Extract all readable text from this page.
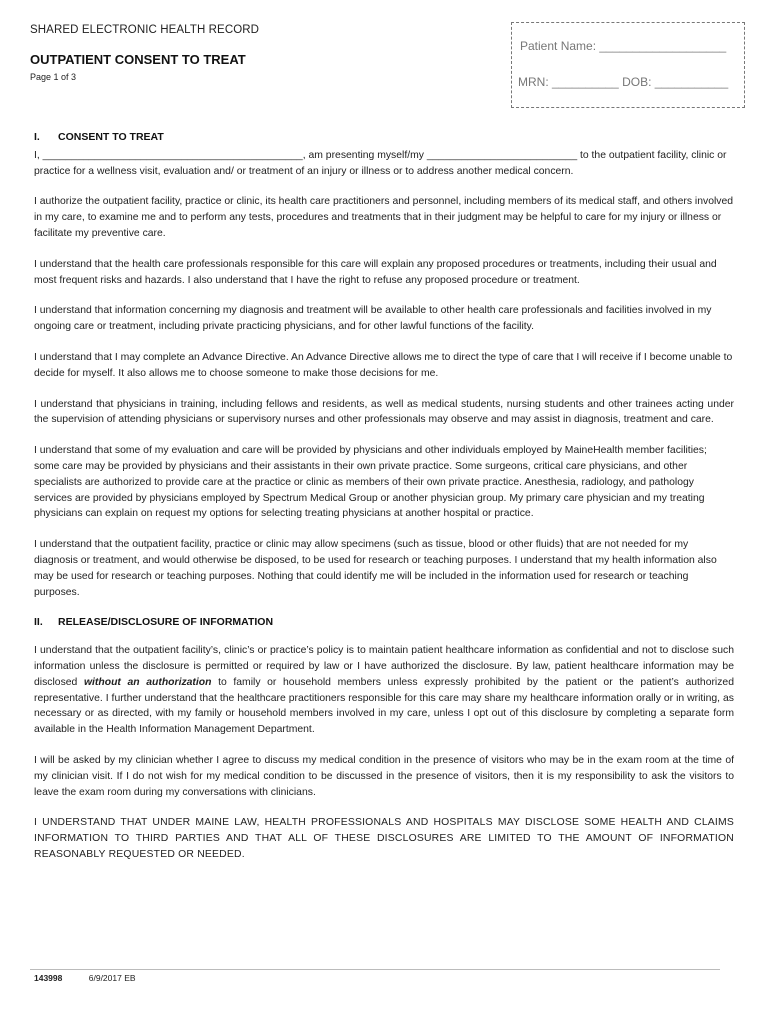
SHARED ELECTRONIC HEALTH RECORD
OUTPATIENT CONSENT TO TREAT
Page 1 of 3
Patient Name: ___________________
MRN: __________ DOB: ___________
I. CONSENT TO TREAT

I, _____________________________________________, am presenting myself/my __________________________ to the outpatient facility, clinic or practice for a wellness visit, evaluation and/ or treatment of an injury or illness or to address another medical concern.

I authorize the outpatient facility, practice or clinic, its health care practitioners and personnel, including members of its medical staff, and others involved in my care, to examine me and to perform any tests, procedures and treatments that in their judgment may be helpful to care for my injury or illness or facilitate my preventive care.

I understand that the health care professionals responsible for this care will explain any proposed procedures or treatments, including their usual and most frequent risks and hazards. I also understand that I have the right to refuse any proposed procedure or treatment.

I understand that information concerning my diagnosis and treatment will be available to other health care professionals and facilities involved in my ongoing care or treatment, including private practicing physicians, and for other lawful functions of the facility.

I understand that I may complete an Advance Directive. An Advance Directive allows me to direct the type of care that I will receive if I become unable to decide for myself. It also allows me to choose someone to make those decisions for me.

I understand that physicians in training, including fellows and residents, as well as medical students, nursing students and other trainees acting under the supervision of attending physicians or supervisory nurses and other professionals may observe and may assist in diagnosis, treatment and care.

I understand that some of my evaluation and care will be provided by physicians and other individuals employed by MaineHealth member facilities; some care may be provided by physicians and their assistants in their own private practice. Some surgeons, critical care physicians, and other specialists are authorized to provide care at the practice or clinic as members of their own private practice. Anesthesia, radiology, and pathology services are provided by physicians employed by Spectrum Medical Group or another physician group. My primary care physician and my treating physicians can explain on request my options for selecting treating physicians at another hospital or practice.

I understand that the outpatient facility, practice or clinic may allow specimens (such as tissue, blood or other fluids) that are not needed for my diagnosis or treatment, and would otherwise be disposed, to be used for research or teaching purposes. I understand that my health information also may be used for research or teaching purposes. Nothing that could identify me will be included in the information used for research or teaching purposes.

II. RELEASE/DISCLOSURE OF INFORMATION

I understand that the outpatient facility’s, clinic’s or practice’s policy is to maintain patient healthcare information as confidential and not to disclose such information unless the disclosure is permitted or required by law or I have authorized the disclosure. By law, patient healthcare information may be disclosed without an authorization to family or household members unless expressly prohibited by the patient or the patient’s authorized representative. I further understand that the healthcare practitioners responsible for this care may share my healthcare information orally or in writing, as necessary or as directed, with my family or household members involved in my care, unless I opt out of this disclosure by completing a separate form available in the Health Information Management Department.

I will be asked by my clinician whether I agree to discuss my medical condition in the presence of visitors who may be in the exam room at the time of my clinician visit. If I do not wish for my medical condition to be discussed in the presence of visitors, then it is my responsibility to ask the visitors to leave the exam room during my conversations with clinicians.

I UNDERSTAND THAT UNDER MAINE LAW, HEALTH PROFESSIONALS AND HOSPITALS MAY DISCLOSE SOME HEALTH AND CLAIMS INFORMATION TO THIRD PARTIES AND THAT ALL OF THESE DISCLOSURES ARE LIMITED TO THE AMOUNT OF INFORMATION REASONABLY REQUESTED OR NEEDED.

143998	6/9/2017 EB
